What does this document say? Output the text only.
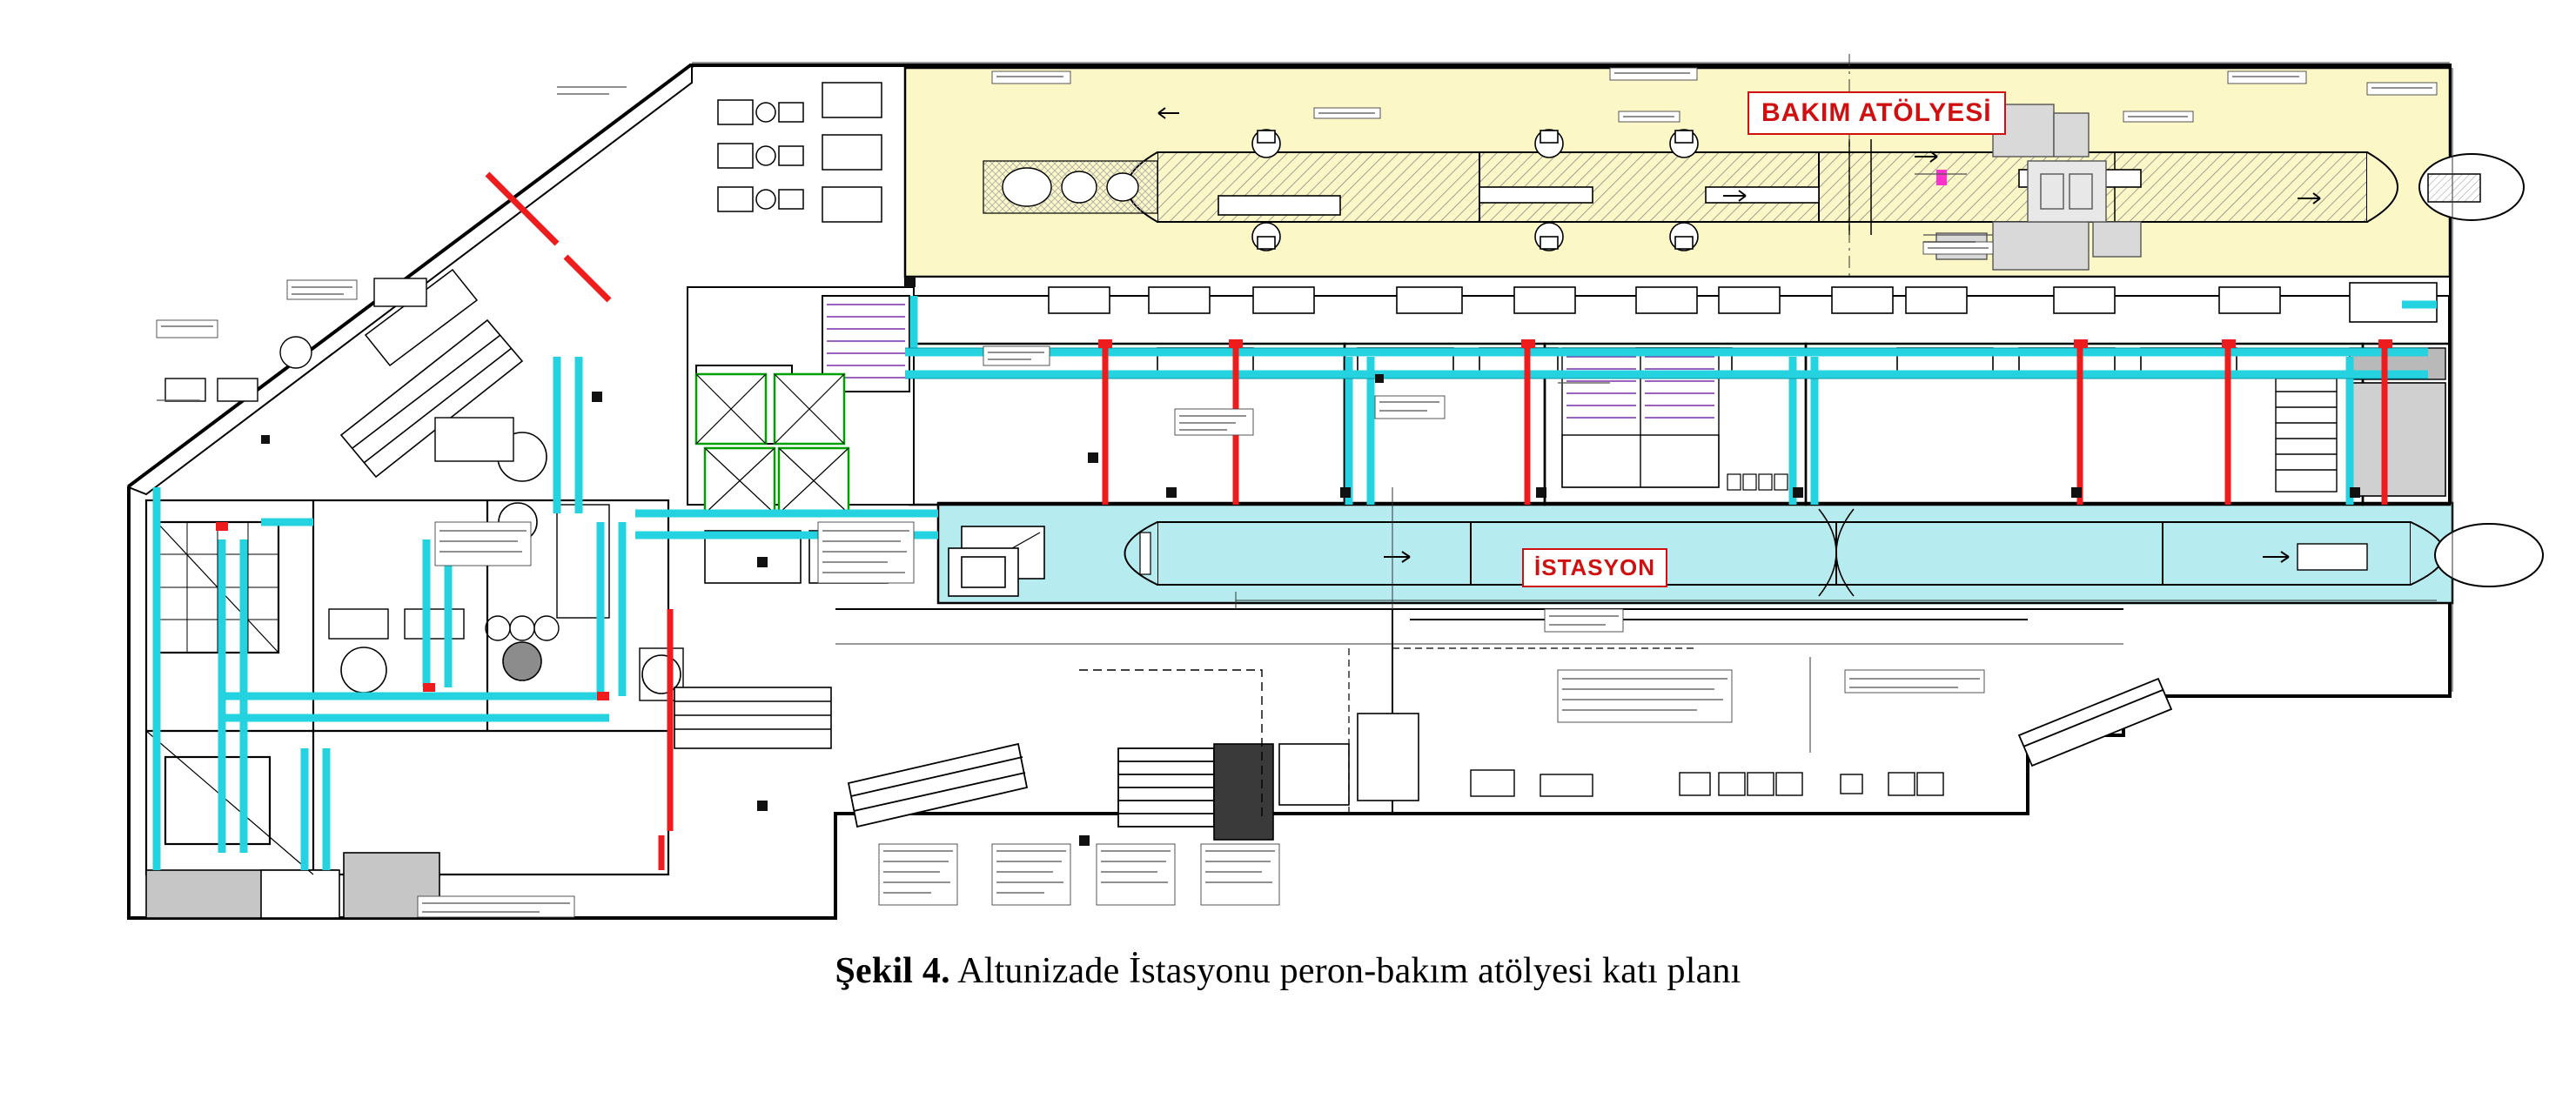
BAKIM ATÖLYESİ
İSTASYON
Şekil 4. Altunizade İstasyonu peron-bakım atölyesi katı planı
